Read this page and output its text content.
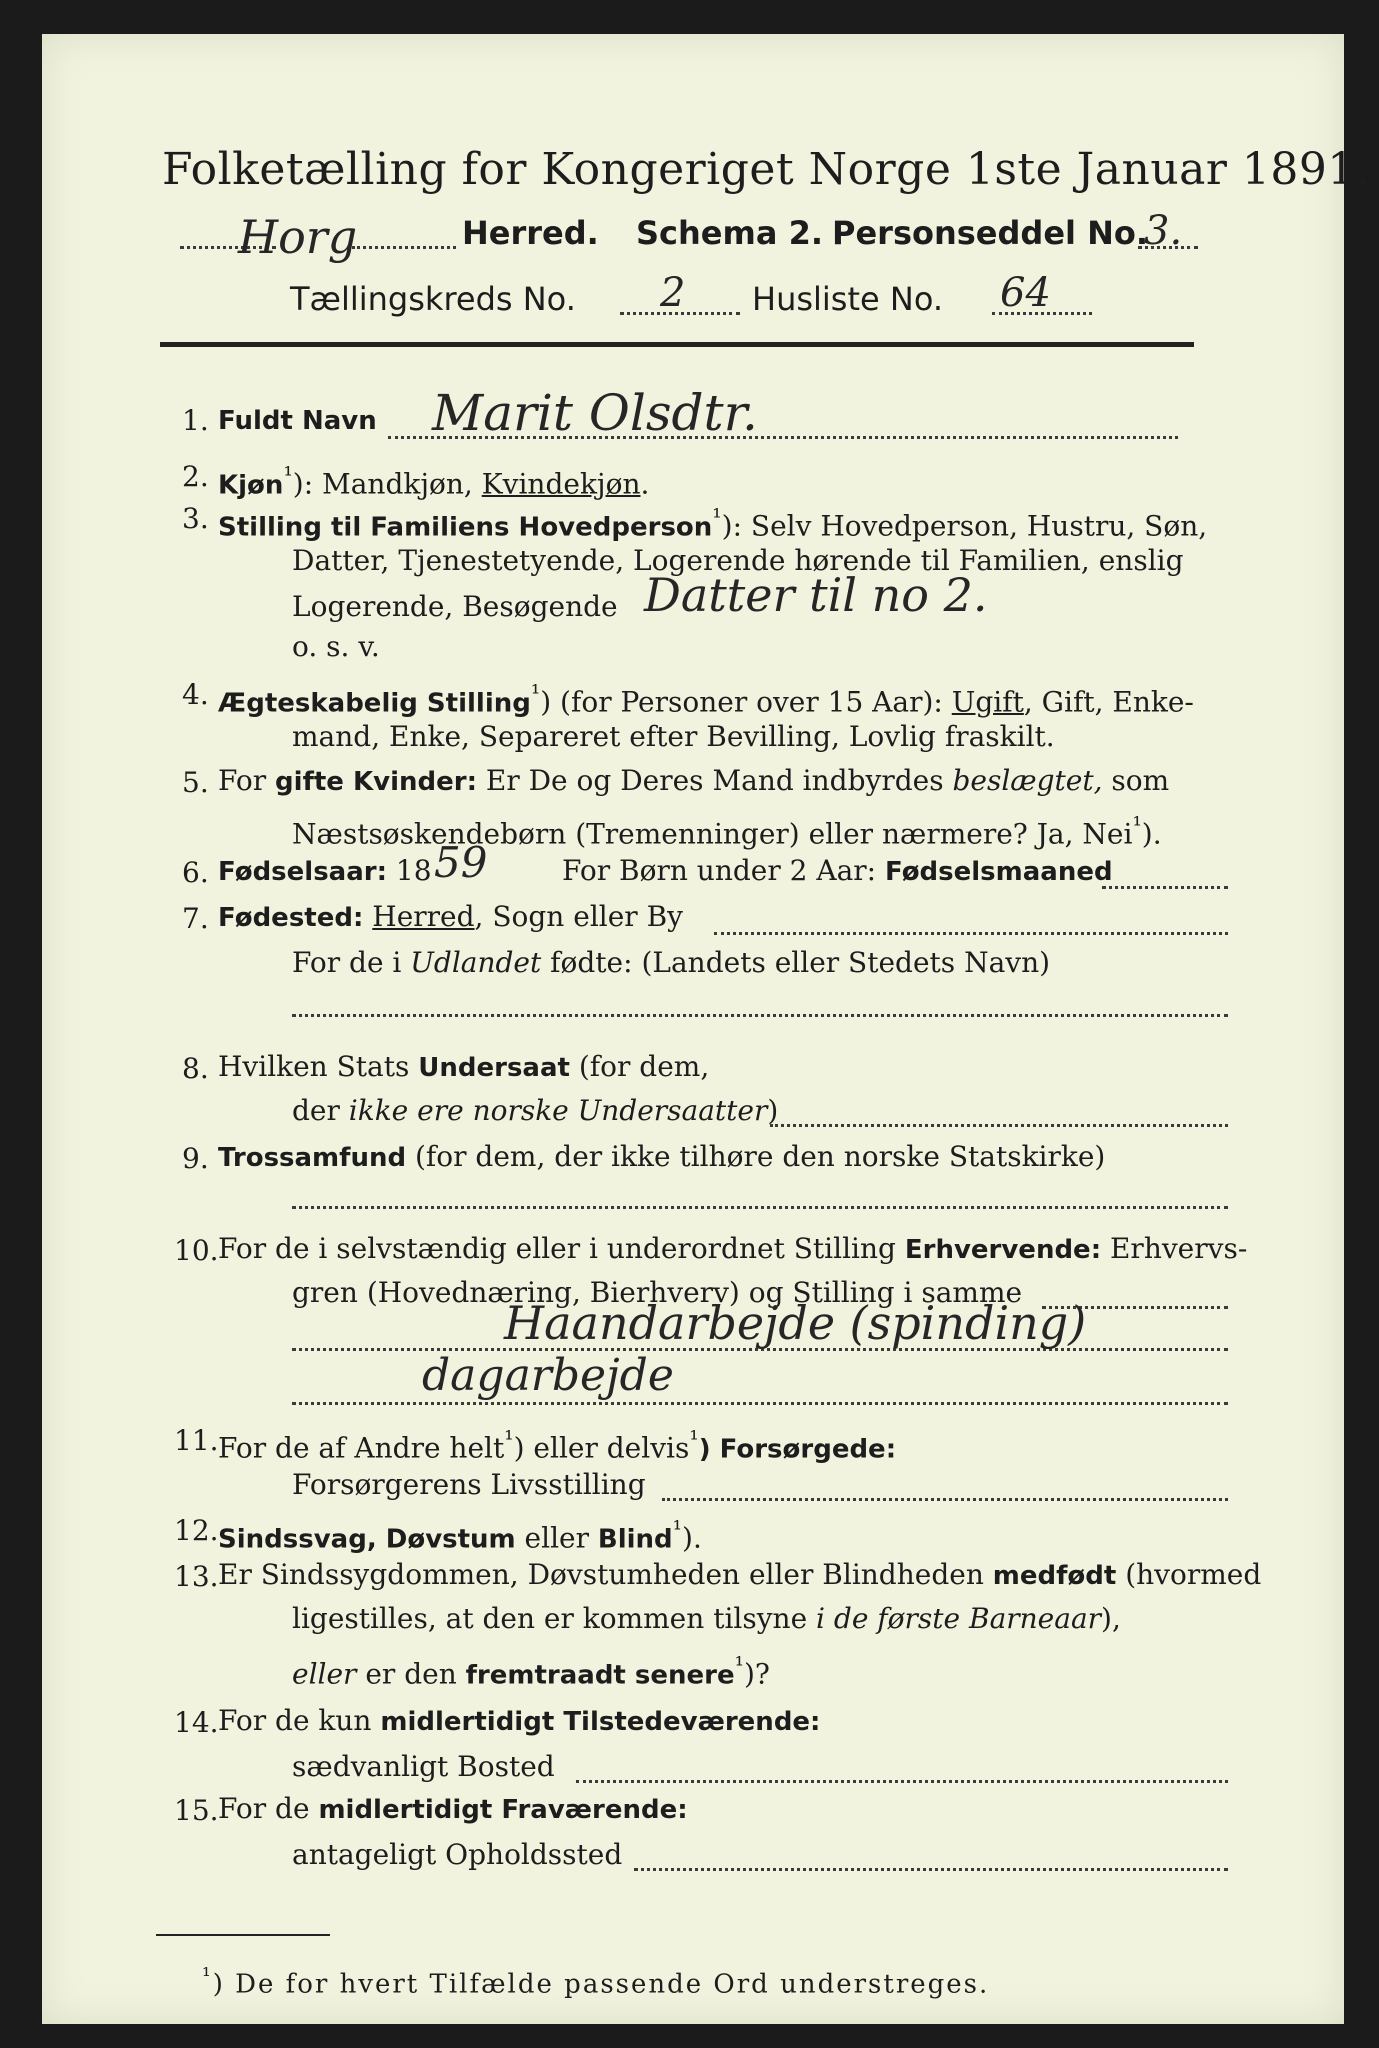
Folketælling for Kongeriget Norge 1ste Januar 1891.
Horg	Herred. Schema 2. Personseddel No.
3.
Tællingskreds No. 2 Husliste No. 64
1. Fuldt Navn Marit Olsdtr.
2. Kjøn$^{^1}$): Mandkjøn, Kvindekjøn.
3. Stilling til Familiens Hovedperson$^{^1}$): Selv Hovedperson, Hustru, Søn,
Datter, Tjenestetyende, Logerende hørende til Familien, enslig
Logerende, Besøgende Datter til no 2.
o. s. v.
4. Ægteskabelig Stilling$^{^1}$) (for Personer over 15 Aar): Ugift, Gift, Enke-
mand, Enke, Separeret efter Bevilling, Lovlig fraskilt.
5. For gifte Kvinder: Er De og Deres Mand indbyrdes beslægtet, som
Næstsøskendebørn (Tremenninger) eller nærmere? Ja, Nei$^{^1}$).
6. Fødselsaar: 18 59	For Børn under 2 Aar: Fødselsmaaned
7. Fødested: Herred, Sogn eller By
For de i Udlandet fødte: (Landets eller Stedets Navn)
8. Hvilken Stats Undersaat (for dem,
der ikke ere norske Undersaatter)
9. Trossamfund (for dem, der ikke tilhøre den norske Statskirke)
10. For de i selvstændig eller i underordnet Stilling Erhvervende: Erhvervs-
gren (Hovednæring, Bierhverv) og Stilling i samme
Haandarbejde (spinding)
dagarbejde
11. For de af Andre helt$^{^1}$) eller delvis$^{^1}$) Forsørgede:
Forsørgerens Livsstilling
12. Sindssvag, Døvstum eller Blind$^{^1}$).
13. Er Sindssygdommen, Døvstumheden eller Blindheden medfødt (hvormed
ligestilles, at den er kommen tilsyne i de første Barneaar),
eller er den fremtraadt senere$^{^1}$)?
14. For de kun midlertidigt Tilstedeværende:
sædvanligt Bosted
15. For de midlertidigt Fraværende:
antageligt Opholdssted
$^{^1}$) De for hvert Tilfælde passende Ord understreges.
